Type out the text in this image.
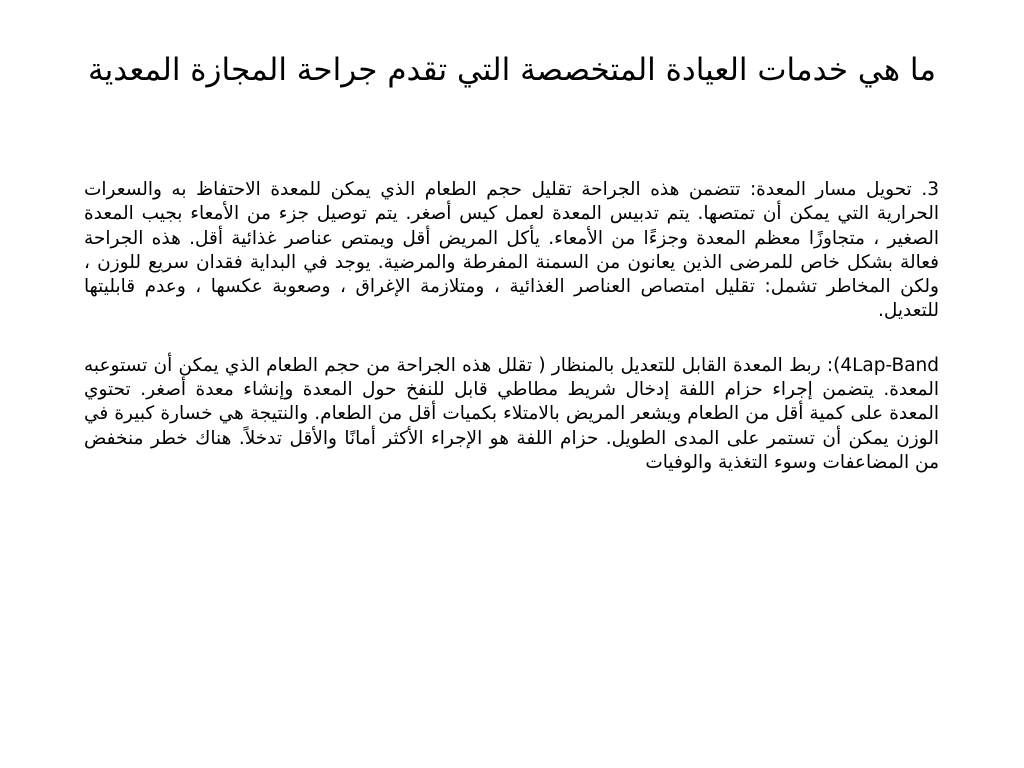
ما هي خدمات العيادة المتخصصة التي تقدم جراحة المجازة المعدية

3. تحويل مسار المعدة: تتضمن هذه الجراحة تقليل حجم الطعام الذي يمكن للمعدة الاحتفاظ به والسعرات الحرارية التي يمكن أن تمتصها. يتم تدبيس المعدة لعمل كيس أصغر. يتم توصيل جزء من الأمعاء بجيب المعدة الصغير ، متجاوزًا معظم المعدة وجزءًا من الأمعاء. يأكل المريض أقل ويمتص عناصر غذائية أقل. هذه الجراحة فعالة بشكل خاص للمرضى الذين يعانون من السمنة المفرطة والمرضية. يوجد في البداية فقدان سريع للوزن ، ولكن المخاطر تشمل: تقليل امتصاص العناصر الغذائية ، ومتلازمة الإغراق ، وصعوبة عكسها ، وعدم قابليتها للتعديل.

4Lap-Band): ربط المعدة القابل للتعديل بالمنظار ( تقلل هذه الجراحة من حجم الطعام الذي يمكن أن تستوعبه المعدة. يتضمن إجراء حزام اللفة إدخال شريط مطاطي قابل للنفخ حول المعدة وإنشاء معدة أصغر. تحتوي المعدة على كمية أقل من الطعام ويشعر المريض بالامتلاء بكميات أقل من الطعام. والنتيجة هي خسارة كبيرة في الوزن يمكن أن تستمر على المدى الطويل. حزام اللفة هو الإجراء الأكثر أمانًا والأقل تدخلاً. هناك خطر منخفض من المضاعفات وسوء التغذية والوفيات
